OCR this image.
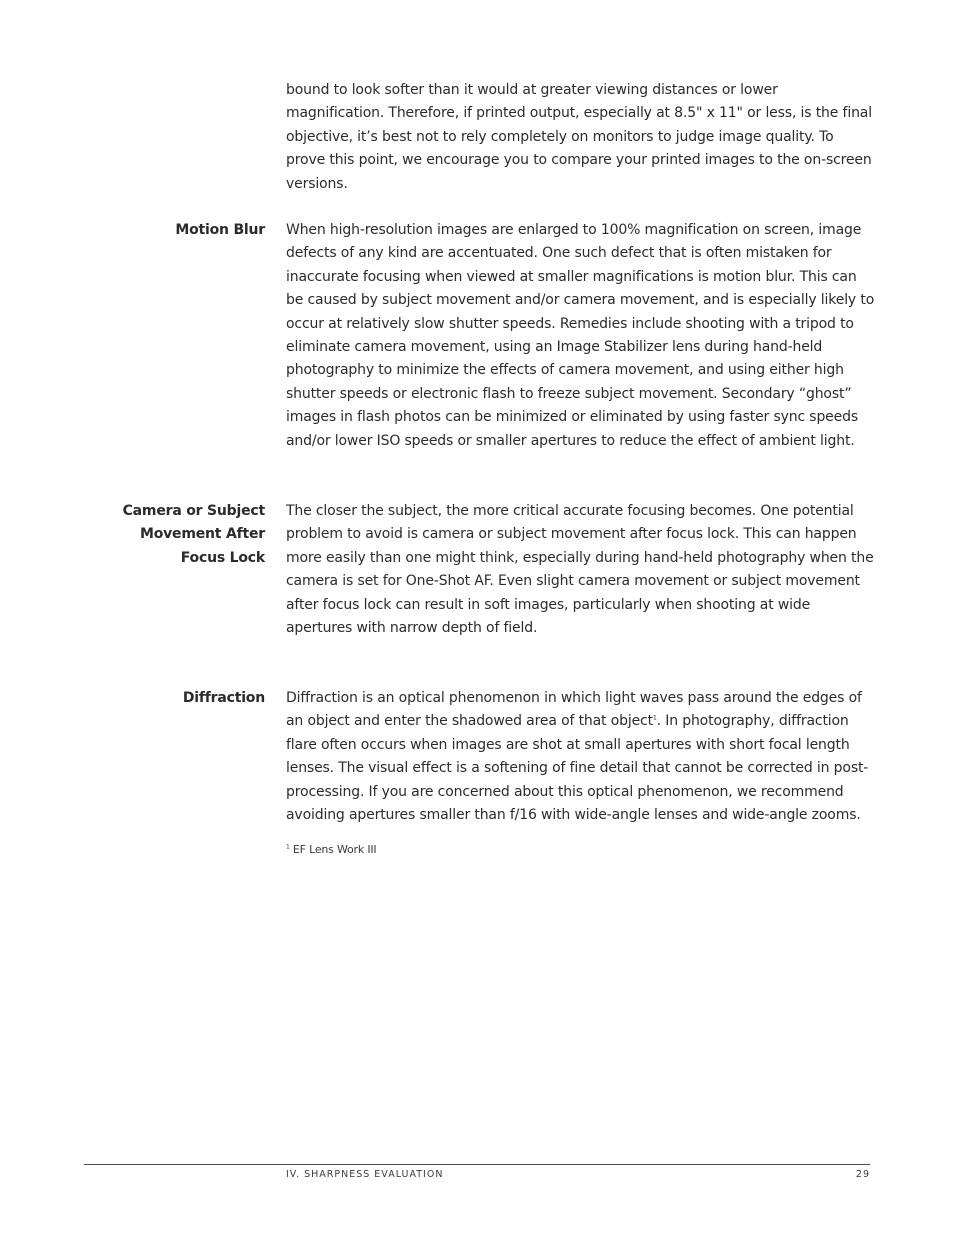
bound to look softer than it would at greater viewing distances or lower magnification. Therefore, if printed output, especially at 8.5" x 11" or less, is the final objective, it’s best not to rely completely on monitors to judge image quality. To prove this point, we encourage you to compare your printed images to the on-screen versions.

Motion Blur When high-resolution images are enlarged to 100% magnification on screen, image defects of any kind are accentuated. One such defect that is often mistaken for inaccurate focusing when viewed at smaller magnifications is motion blur. This can be caused by subject movement and/or camera movement, and is especially likely to occur at relatively slow shutter speeds. Remedies include shooting with a tripod to eliminate camera movement, using an Image Stabilizer lens during hand-held photography to minimize the effects of camera movement, and using either high shutter speeds or electronic flash to freeze subject movement. Secondary “ghost” images in flash photos can be minimized or eliminated by using faster sync speeds and/or lower ISO speeds or smaller apertures to reduce the effect of ambient light.

Camera or Subject
Movement After
Focus Lock

The closer the subject, the more critical accurate focusing becomes. One potential problem to avoid is camera or subject movement after focus lock. This can happen more easily than one might think, especially during hand-held photography when the camera is set for One-Shot AF. Even slight camera movement or subject movement after focus lock can result in soft images, particularly when shooting at wide apertures with narrow depth of field.

Diffraction Diffraction is an optical phenomenon in which light waves pass around the edges of an object and enter the shadowed area of that object$^1$. In photography, diffraction flare often occurs when images are shot at small apertures with short focal length lenses. The visual effect is a softening of fine detail that cannot be corrected in post-processing. If you are concerned about this optical phenomenon, we recommend avoiding apertures smaller than f/16 with wide-angle lenses and wide-angle zooms.

$^1$ EF Lens Work III
IV. SHARPNESS EVALUATION	29
